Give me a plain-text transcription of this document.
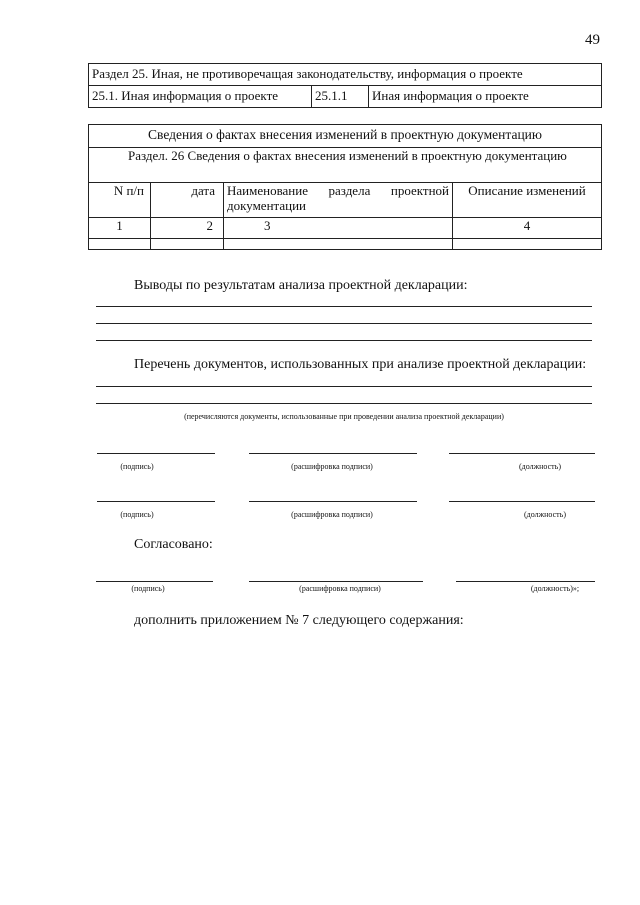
49
Раздел 25. Иная, не противоречащая законодательству, информация о проекте
25.1. Иная информация о проекте	25.1.1	Иная информация о проекте
Сведения о фактах внесения изменений в проектную документацию			
Раздел. 26 Сведения о фактах внесения изменений в проектную документацию			
N п/п	дата	Наименование раздела проектной документации	Описание изменений
1	2	3	4

Выводы по результатам анализа проектной декларации:
Перечень документов, использованных при анализе проектной декларации:
(перечисляются документы, использованные при проведении анализа проектной декларации)
(подпись)	(расшифровка подписи)	(должность)
(подпись)	(расшифровка подписи)	(должность)
Согласовано:
(подпись)	(расшифровка подписи)	(должность)»;
дополнить приложением № 7 следующего содержания:
